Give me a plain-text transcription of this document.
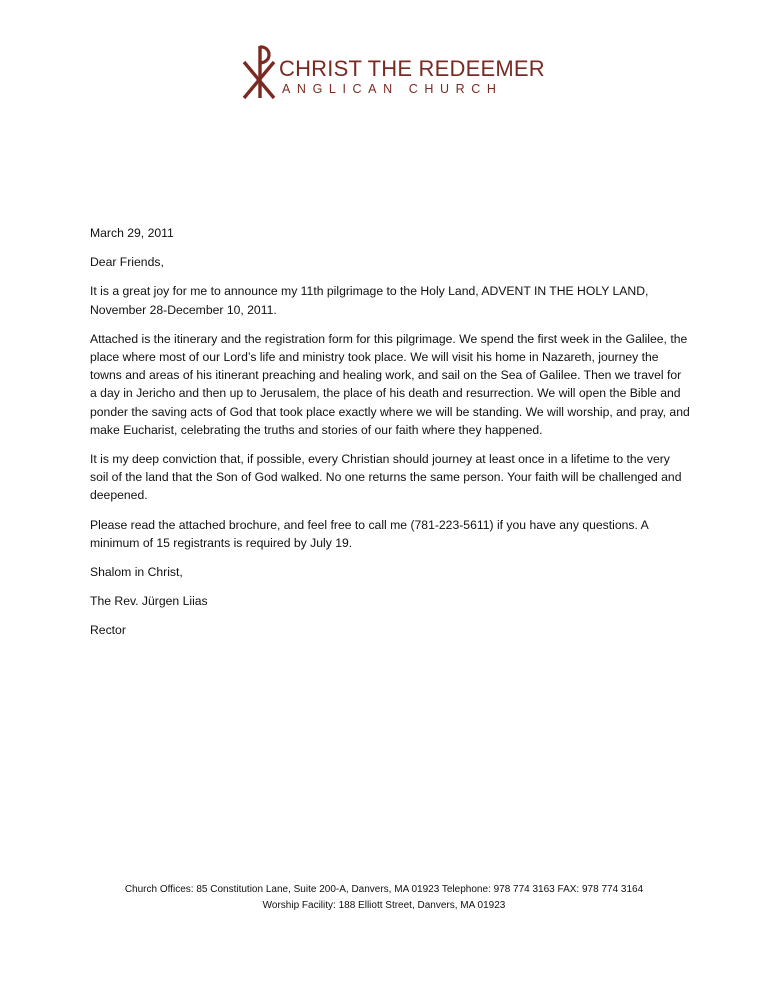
CHRIST THE REDEEMER
ANGLICAN CHURCH

March 29, 2011

Dear Friends,

It is a great joy for me to announce my 11th pilgrimage to the Holy Land, ADVENT IN THE HOLY LAND, November 28-December 10, 2011.

Attached is the itinerary and the registration form for this pilgrimage. We spend the first week in the Galilee, the place where most of our Lord’s life and ministry took place. We will visit his home in Nazareth, journey the towns and areas of his itinerant preaching and healing work, and sail on the Sea of Galilee. Then we travel for a day in Jericho and then up to Jerusalem, the place of his death and resurrection. We will open the Bible and ponder the saving acts of God that took place exactly where we will be standing. We will worship, and pray, and make Eucharist, celebrating the truths and stories of our faith where they happened.

It is my deep conviction that, if possible, every Christian should journey at least once in a lifetime to the very soil of the land that the Son of God walked. No one returns the same person. Your faith will be challenged and deepened.

Please read the attached brochure, and feel free to call me (781-223-5611) if you have any questions. A minimum of 15 registrants is required by July 19.

Shalom in Christ,

The Rev. Jürgen Liias

Rector

Church Offices: 85 Constitution Lane, Suite 200-A, Danvers, MA 01923 Telephone: 978 774 3163 FAX: 978 774 3164
Worship Facility: 188 Elliott Street, Danvers, MA 01923
